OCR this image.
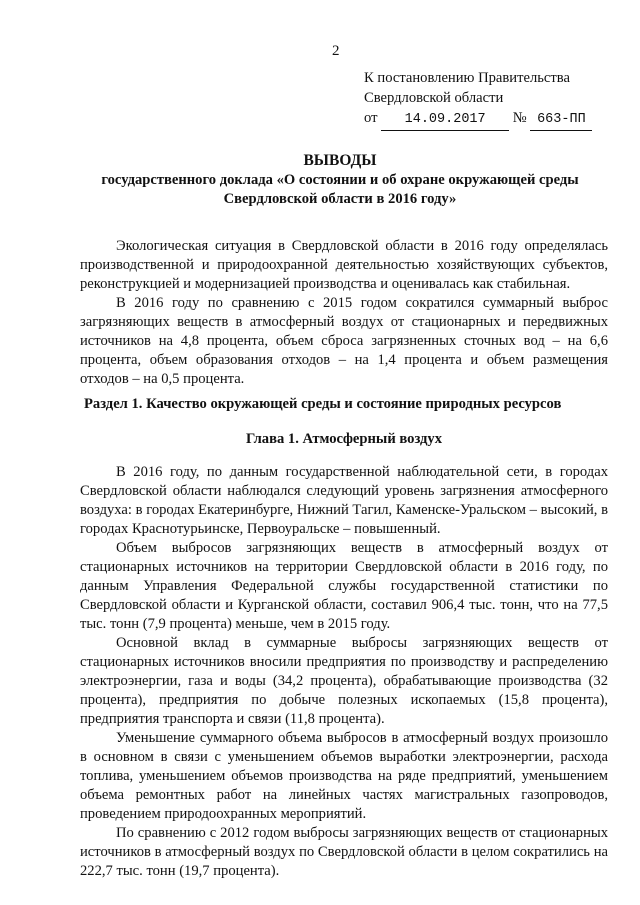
2
К постановлению Правительства
Свердловской области
от 14.09.2017 № 663-ПП
ВЫВОДЫ
государственного доклада «О состоянии и об охране окружающей среды
Свердловской области в 2016 году»

Экологическая ситуация в Свердловской области в 2016 году определялась производственной и природоохранной деятельностью хозяйствующих субъектов, реконструкцией и модернизацией производства и оценивалась как стабильная.

В 2016 году по сравнению с 2015 годом сократился суммарный выброс загрязняющих веществ в атмосферный воздух от стационарных и передвижных источников на 4,8 процента, объем сброса загрязненных сточных вод – на 6,6 процента, объем образования отходов – на 1,4 процента и объем размещения отходов – на 0,5 процента.

Раздел 1. Качество окружающей среды и состояние природных ресурсов
Глава 1. Атмосферный воздух

В 2016 году, по данным государственной наблюдательной сети, в городах Свердловской области наблюдался следующий уровень загрязнения атмосферного воздуха: в городах Екатеринбурге, Нижний Тагил, Каменске-Уральском – высокий, в городах Краснотурьинске, Первоуральске – повышенный.

Объем выбросов загрязняющих веществ в атмосферный воздух от стационарных источников на территории Свердловской области в 2016 году, по данным Управления Федеральной службы государственной статистики по Свердловской области и Курганской области, составил 906,4 тыс. тонн, что на 77,5 тыс. тонн (7,9 процента) меньше, чем в 2015 году.

Основной вклад в суммарные выбросы загрязняющих веществ от стационарных источников вносили предприятия по производству и распределению электроэнергии, газа и воды (34,2 процента), обрабатывающие производства (32 процента), предприятия по добыче полезных ископаемых (15,8 процента), предприятия транспорта и связи (11,8 процента).

Уменьшение суммарного объема выбросов в атмосферный воздух произошло в основном в связи с уменьшением объемов выработки электроэнергии, расхода топлива, уменьшением объемов производства на ряде предприятий, уменьшением объема ремонтных работ на линейных частях магистральных газопроводов, проведением природоохранных мероприятий.

По сравнению с 2012 годом выбросы загрязняющих веществ от стационарных источников в атмосферный воздух по Свердловской области в целом сократились на 222,7 тыс. тонн (19,7 процента).
